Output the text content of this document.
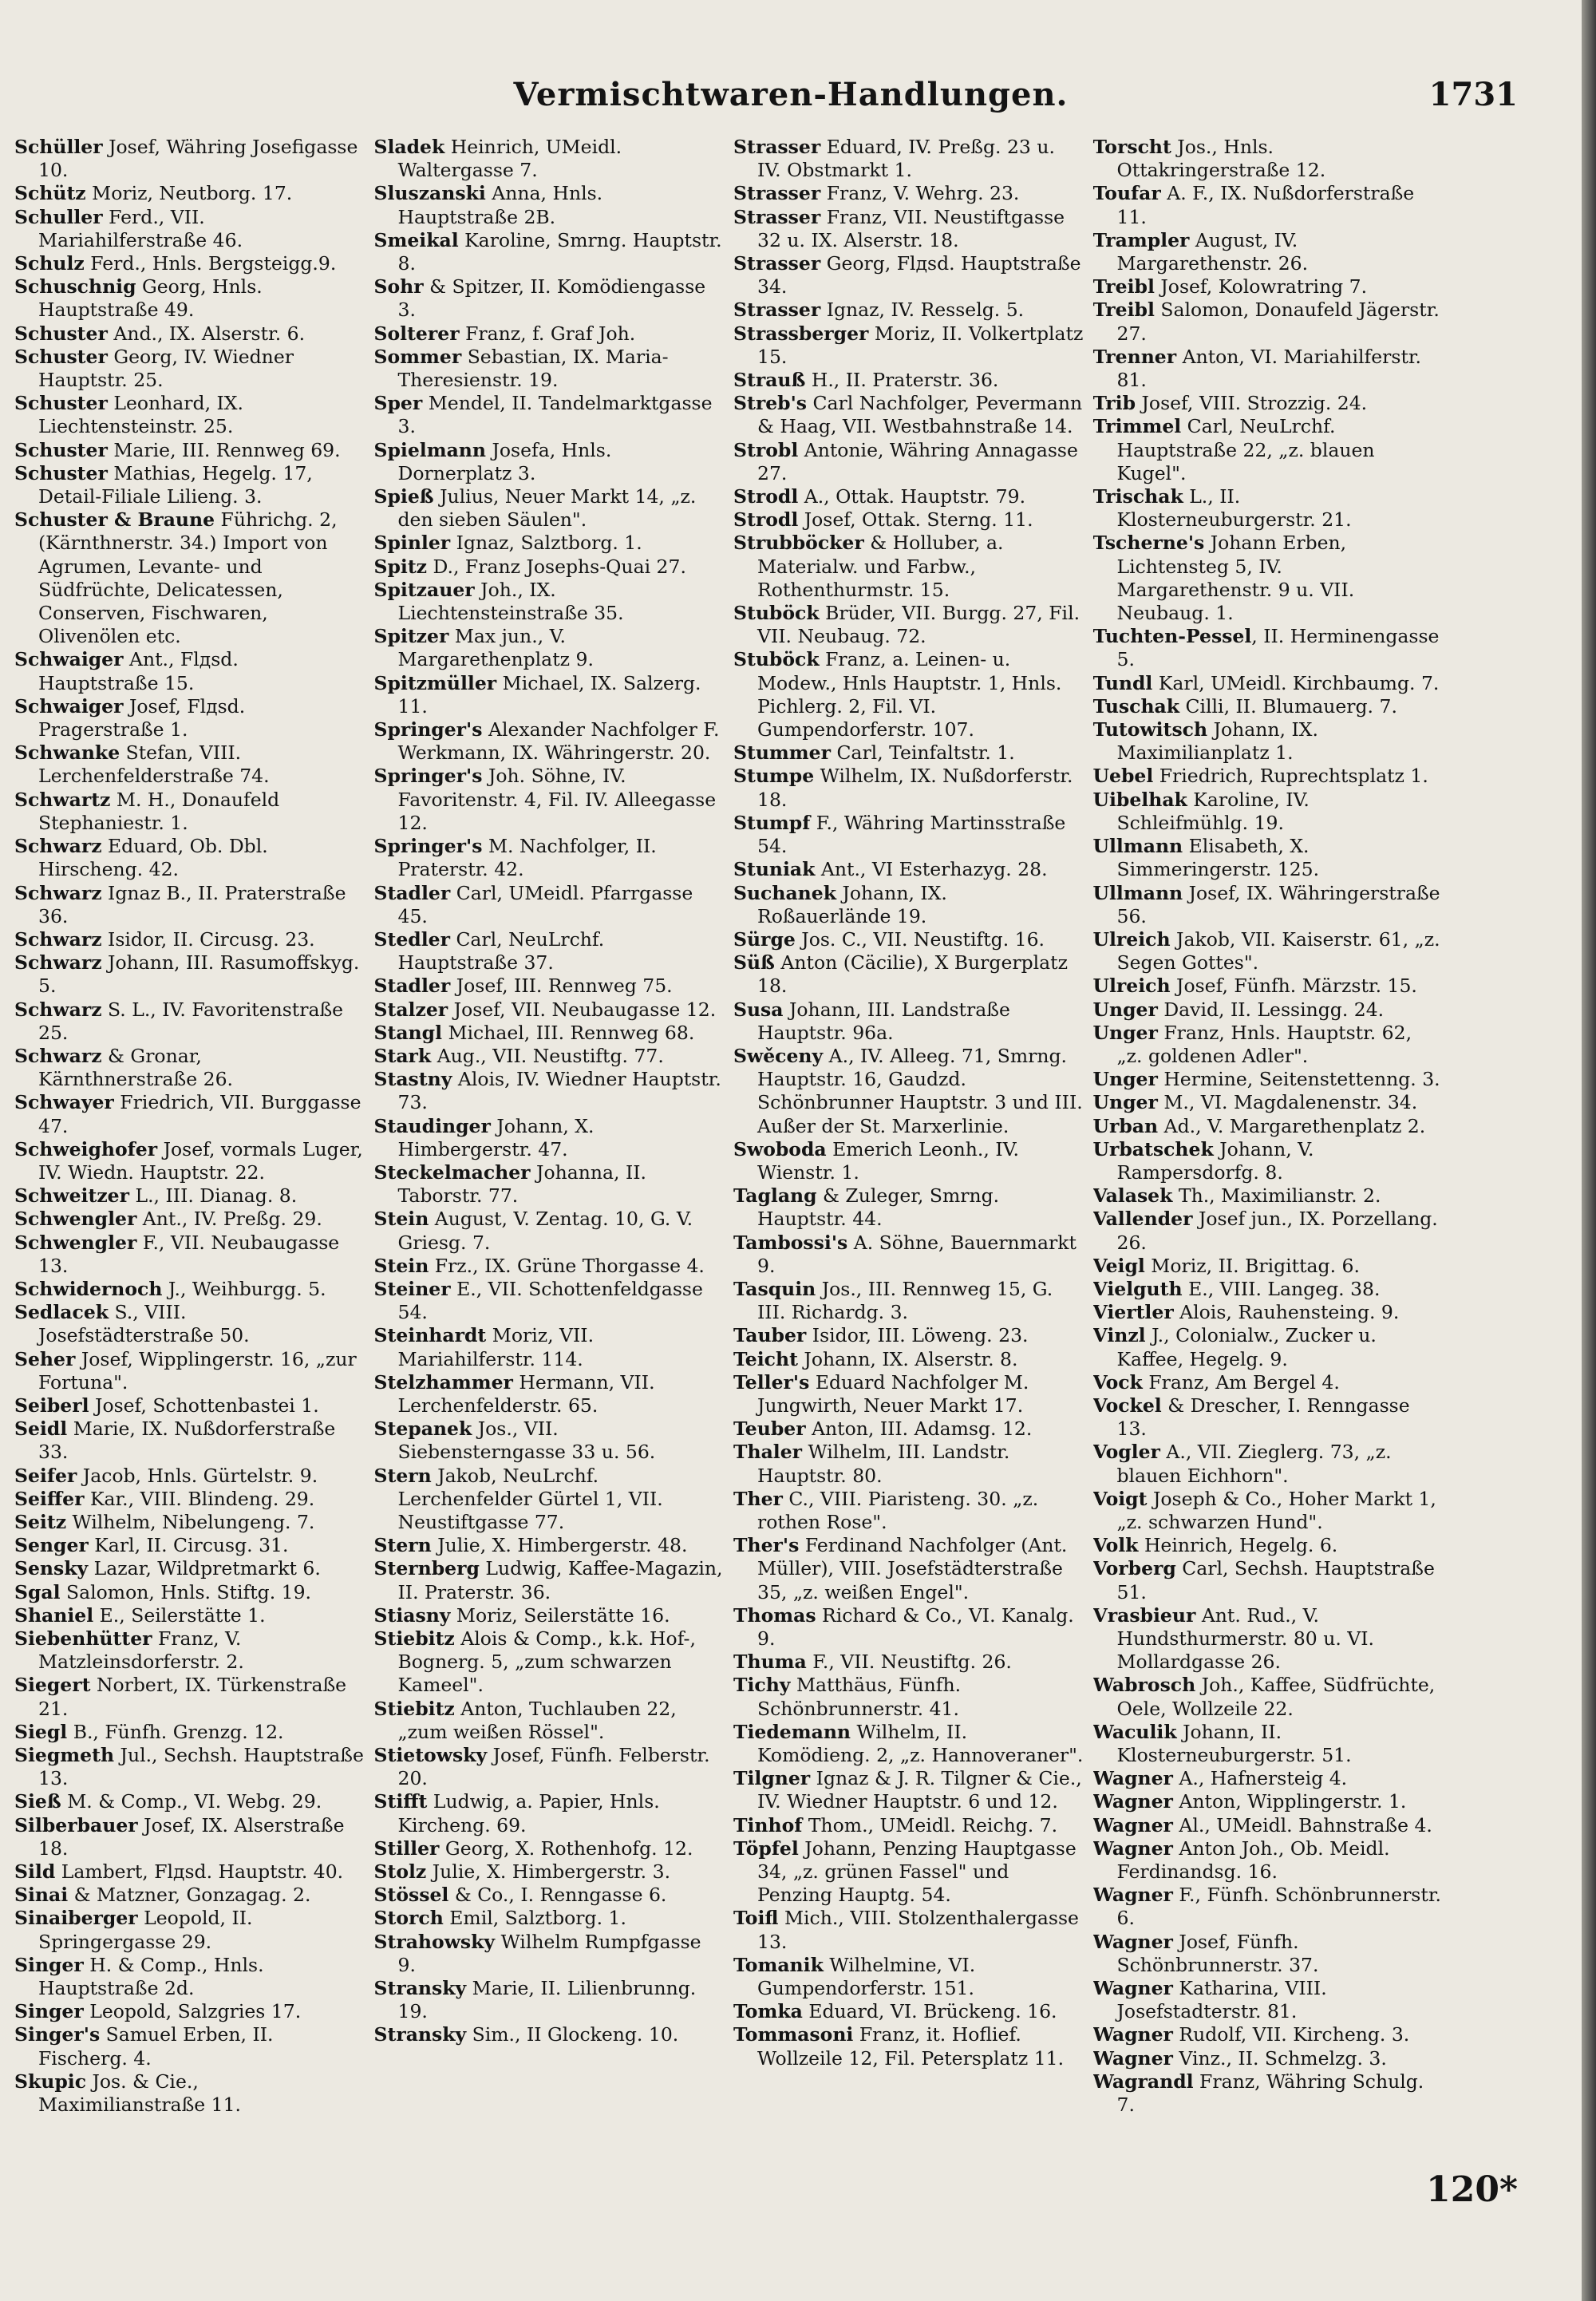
Vermischtwaren-Handlungen.	1731
Schüller Josef, Währing Josefigasse 10.
Schütz Moriz, Neutborg. 17.
Schuller Ferd., VII. Mariahilferstraße 46.
Schulz Ferd., Hnls. Bergsteigg.9.
Schuschnig Georg, Hnls. Hauptstraße 49.
Schuster And., IX. Alserstr. 6.
Schuster Georg, IV. Wiedner Hauptstr. 25.
Schuster Leonhard, IX. Liechtensteinstr. 25.
Schuster Marie, III. Rennweg 69.
Schuster Mathias, Hegelg. 17, Detail-Filiale Lilieng. 3.
Schuster & Braune Führichg. 2, (Kärnthnerstr. 34.) Import von Agrumen, Levante- und Südfrüchte, Delicatessen, Conserven, Fischwaren, Olivenölen etc.
Schwaiger Ant., Flдsd. Hauptstraße 15.
Schwaiger Josef, Flдsd. Pragerstraße 1.
Schwanke Stefan, VIII. Lerchenfelderstraße 74.
Schwartz M. H., Donaufeld Stephaniestr. 1.
Schwarz Eduard, Ob. Dbl. Hirscheng. 42.
Schwarz Ignaz B., II. Praterstraße 36.
Schwarz Isidor, II. Circusg. 23.
Schwarz Johann, III. Rasumoffskyg. 5.
Schwarz S. L., IV. Favoritenstraße 25.
Schwarz & Gronar, Kärnthnerstraße 26.
Schwayer Friedrich, VII. Burggasse 47.
Schweighofer Josef, vormals Luger, IV. Wiedn. Hauptstr. 22.
Schweitzer L., III. Dianag. 8.
Schwengler Ant., IV. Preßg. 29.
Schwengler F., VII. Neubaugasse 13.
Schwidernoch J., Weihburgg. 5.
Sedlacek S., VIII. Josefstädterstraße 50.
Seher Josef, Wipplingerstr. 16, „zur Fortuna".
Seiberl Josef, Schottenbastei 1.
Seidl Marie, IX. Nußdorferstraße 33.
Seifer Jacob, Hnls. Gürtelstr. 9.
Seiffer Kar., VIII. Blindeng. 29.
Seitz Wilhelm, Nibelungeng. 7.
Senger Karl, II. Circusg. 31.
Sensky Lazar, Wildpretmarkt 6.
Sgal Salomon, Hnls. Stiftg. 19.
Shaniel E., Seilerstätte 1.
Siebenhütter Franz, V. Matzleinsdorferstr. 2.
Siegert Norbert, IX. Türkenstraße 21.
Siegl B., Fünfh. Grenzg. 12.
Siegmeth Jul., Sechsh. Hauptstraße 13.
Sieß M. & Comp., VI. Webg. 29.
Silberbauer Josef, IX. Alserstraße 18.
Sild Lambert, Flдsd. Hauptstr. 40.
Sinai & Matzner, Gonzagag. 2.
Sinaiberger Leopold, II. Springergasse 29.
Singer H. & Comp., Hnls. Hauptstraße 2d.
Singer Leopold, Salzgries 17.
Singer's Samuel Erben, II. Fischerg. 4.
Skupic Jos. & Cie., Maximilianstraße 11.
Sladek Heinrich, UMeidl. Waltergasse 7.
Sluszanski Anna, Hnls. Hauptstraße 2B.
Smeikal Karoline, Smrng. Hauptstr. 8.
Sohr & Spitzer, II. Komödiengasse 3.
Solterer Franz, f. Graf Joh.
Sommer Sebastian, IX. Maria-Theresienstr. 19.
Sper Mendel, II. Tandelmarktgasse 3.
Spielmann Josefa, Hnls. Dornerplatz 3.
Spieß Julius, Neuer Markt 14, „z. den sieben Säulen".
Spinler Ignaz, Salztborg. 1.
Spitz D., Franz Josephs-Quai 27.
Spitzauer Joh., IX. Liechtensteinstraße 35.
Spitzer Max jun., V. Margarethenplatz 9.
Spitzmüller Michael, IX. Salzerg. 11.
Springer's Alexander Nachfolger F. Werkmann, IX. Währingerstr. 20.
Springer's Joh. Söhne, IV. Favoritenstr. 4, Fil. IV. Alleegasse 12.
Springer's M. Nachfolger, II. Praterstr. 42.
Stadler Carl, UMeidl. Pfarrgasse 45.
Stedler Carl, NeuLrchf. Hauptstraße 37.
Stadler Josef, III. Rennweg 75.
Stalzer Josef, VII. Neubaugasse 12.
Stangl Michael, III. Rennweg 68.
Stark Aug., VII. Neustiftg. 77.
Stastny Alois, IV. Wiedner Hauptstr. 73.
Staudinger Johann, X. Himbergerstr. 47.
Steckelmacher Johanna, II. Taborstr. 77.
Stein August, V. Zentag. 10, G. V. Griesg. 7.
Stein Frz., IX. Grüne Thorgasse 4.
Steiner E., VII. Schottenfeldgasse 54.
Steinhardt Moriz, VII. Mariahilferstr. 114.
Stelzhammer Hermann, VII. Lerchenfelderstr. 65.
Stepanek Jos., VII. Siebensterngasse 33 u. 56.
Stern Jakob, NeuLrchf. Lerchenfelder Gürtel 1, VII. Neustiftgasse 77.
Stern Julie, X. Himbergerstr. 48.
Sternberg Ludwig, Kaffee-Magazin, II. Praterstr. 36.
Stiasny Moriz, Seilerstätte 16.
Stiebitz Alois & Comp., k.k. Hof-, Bognerg. 5, „zum schwarzen Kameel".
Stiebitz Anton, Tuchlauben 22, „zum weißen Rössel".
Stietowsky Josef, Fünfh. Felberstr. 20.
Stifft Ludwig, a. Papier, Hnls. Kircheng. 69.
Stiller Georg, X. Rothenhofg. 12.
Stolz Julie, X. Himbergerstr. 3.
Stössel & Co., I. Renngasse 6.
Storch Emil, Salztborg. 1.
Strahowsky Wilhelm Rumpfgasse 9.
Stransky Marie, II. Lilienbrunng. 19.
Stransky Sim., II Glockeng. 10.
Strasser Eduard, IV. Preßg. 23 u. IV. Obstmarkt 1.
Strasser Franz, V. Wehrg. 23.
Strasser Franz, VII. Neustiftgasse 32 u. IX. Alserstr. 18.
Strasser Georg, Flдsd. Hauptstraße 34.
Strasser Ignaz, IV. Resselg. 5.
Strassberger Moriz, II. Volkertplatz 15.
Strauß H., II. Praterstr. 36.
Streb's Carl Nachfolger, Pevermann & Haag, VII. Westbahnstraße 14.
Strobl Antonie, Währing Annagasse 27.
Strodl A., Ottak. Hauptstr. 79.
Strodl Josef, Ottak. Sterng. 11.
Strubböcker & Holluber, a. Materialw. und Farbw., Rothenthurmstr. 15.
Stuböck Brüder, VII. Burgg. 27, Fil. VII. Neubaug. 72.
Stuböck Franz, a. Leinen- u. Modew., Hnls Hauptstr. 1, Hnls. Pichlerg. 2, Fil. VI. Gumpendorferstr. 107.
Stummer Carl, Teinfaltstr. 1.
Stumpe Wilhelm, IX. Nußdorferstr. 18.
Stumpf F., Währing Martinsstraße 54.
Stuniak Ant., VI Esterhazyg. 28.
Suchanek Johann, IX. Roßauerlände 19.
Sürge Jos. C., VII. Neustiftg. 16.
Süß Anton (Cäcilie), X Burgerplatz 18.
Susa Johann, III. Landstraße Hauptstr. 96a.
Swěceny A., IV. Alleeg. 71, Smrng. Hauptstr. 16, Gaudzd. Schönbrunner Hauptstr. 3 und III. Außer der St. Marxerlinie.
Swoboda Emerich Leonh., IV. Wienstr. 1.
Taglang & Zuleger, Smrng. Hauptstr. 44.
Tambossi's A. Söhne, Bauernmarkt 9.
Tasquin Jos., III. Rennweg 15, G. III. Richardg. 3.
Tauber Isidor, III. Löweng. 23.
Teicht Johann, IX. Alserstr. 8.
Teller's Eduard Nachfolger M. Jungwirth, Neuer Markt 17.
Teuber Anton, III. Adamsg. 12.
Thaler Wilhelm, III. Landstr. Hauptstr. 80.
Ther C., VIII. Piaristeng. 30. „z. rothen Rose".
Ther's Ferdinand Nachfolger (Ant. Müller), VIII. Josefstädterstraße 35, „z. weißen Engel".
Thomas Richard & Co., VI. Kanalg. 9.
Thuma F., VII. Neustiftg. 26.
Tichy Matthäus, Fünfh. Schönbrunnerstr. 41.
Tiedemann Wilhelm, II. Komödieng. 2, „z. Hannoveraner".
Tilgner Ignaz & J. R. Tilgner & Cie., IV. Wiedner Hauptstr. 6 und 12.
Tinhof Thom., UMeidl. Reichg. 7.
Töpfel Johann, Penzing Hauptgasse 34, „z. grünen Fassel" und Penzing Hauptg. 54.
Toifl Mich., VIII. Stolzenthalergasse 13.
Tomanik Wilhelmine, VI. Gumpendorferstr. 151.
Tomka Eduard, VI. Brückeng. 16.
Tommasoni Franz, it. Hoflief. Wollzeile 12, Fil. Petersplatz 11.
Torscht Jos., Hnls. Ottakringerstraße 12.
Toufar A. F., IX. Nußdorferstraße 11.
Trampler August, IV. Margarethenstr. 26.
Treibl Josef, Kolowratring 7.
Treibl Salomon, Donaufeld Jägerstr. 27.
Trenner Anton, VI. Mariahilferstr. 81.
Trib Josef, VIII. Strozzig. 24.
Trimmel Carl, NeuLrchf. Hauptstraße 22, „z. blauen Kugel".
Trischak L., II. Klosterneuburgerstr. 21.
Tscherne's Johann Erben, Lichtensteg 5, IV. Margarethenstr. 9 u. VII. Neubaug. 1.
Tuchten-Pessel, II. Herminengasse 5.
Tundl Karl, UMeidl. Kirchbaumg. 7.
Tuschak Cilli, II. Blumauerg. 7.
Tutowitsch Johann, IX. Maximilianplatz 1.
Uebel Friedrich, Ruprechtsplatz 1.
Uibelhak Karoline, IV. Schleifmühlg. 19.
Ullmann Elisabeth, X. Simmeringerstr. 125.
Ullmann Josef, IX. Währingerstraße 56.
Ulreich Jakob, VII. Kaiserstr. 61, „z. Segen Gottes".
Ulreich Josef, Fünfh. Märzstr. 15.
Unger David, II. Lessingg. 24.
Unger Franz, Hnls. Hauptstr. 62, „z. goldenen Adler".
Unger Hermine, Seitenstettenng. 3.
Unger M., VI. Magdalenenstr. 34.
Urban Ad., V. Margarethenplatz 2.
Urbatschek Johann, V. Rampersdorfg. 8.
Valasek Th., Maximilianstr. 2.
Vallender Josef jun., IX. Porzellang. 26.
Veigl Moriz, II. Brigittag. 6.
Vielguth E., VIII. Langeg. 38.
Viertler Alois, Rauhensteing. 9.
Vinzl J., Colonialw., Zucker u. Kaffee, Hegelg. 9.
Vock Franz, Am Bergel 4.
Vockel & Drescher, I. Renngasse 13.
Vogler A., VII. Zieglerg. 73, „z. blauen Eichhorn".
Voigt Joseph & Co., Hoher Markt 1, „z. schwarzen Hund".
Volk Heinrich, Hegelg. 6.
Vorberg Carl, Sechsh. Hauptstraße 51.
Vrasbieur Ant. Rud., V. Hundsthurmerstr. 80 u. VI. Mollardgasse 26.
Wabrosch Joh., Kaffee, Südfrüchte, Oele, Wollzeile 22.
Waculik Johann, II. Klosterneuburgerstr. 51.
Wagner A., Hafnersteig 4.
Wagner Anton, Wipplingerstr. 1.
Wagner Al., UMeidl. Bahnstraße 4.
Wagner Anton Joh., Ob. Meidl. Ferdinandsg. 16.
Wagner F., Fünfh. Schönbrunnerstr. 6.
Wagner Josef, Fünfh. Schönbrunnerstr. 37.
Wagner Katharina, VIII. Josefstadterstr. 81.
Wagner Rudolf, VII. Kircheng. 3.
Wagner Vinz., II. Schmelzg. 3.
Wagrandl Franz, Währing Schulg. 7.
120*
